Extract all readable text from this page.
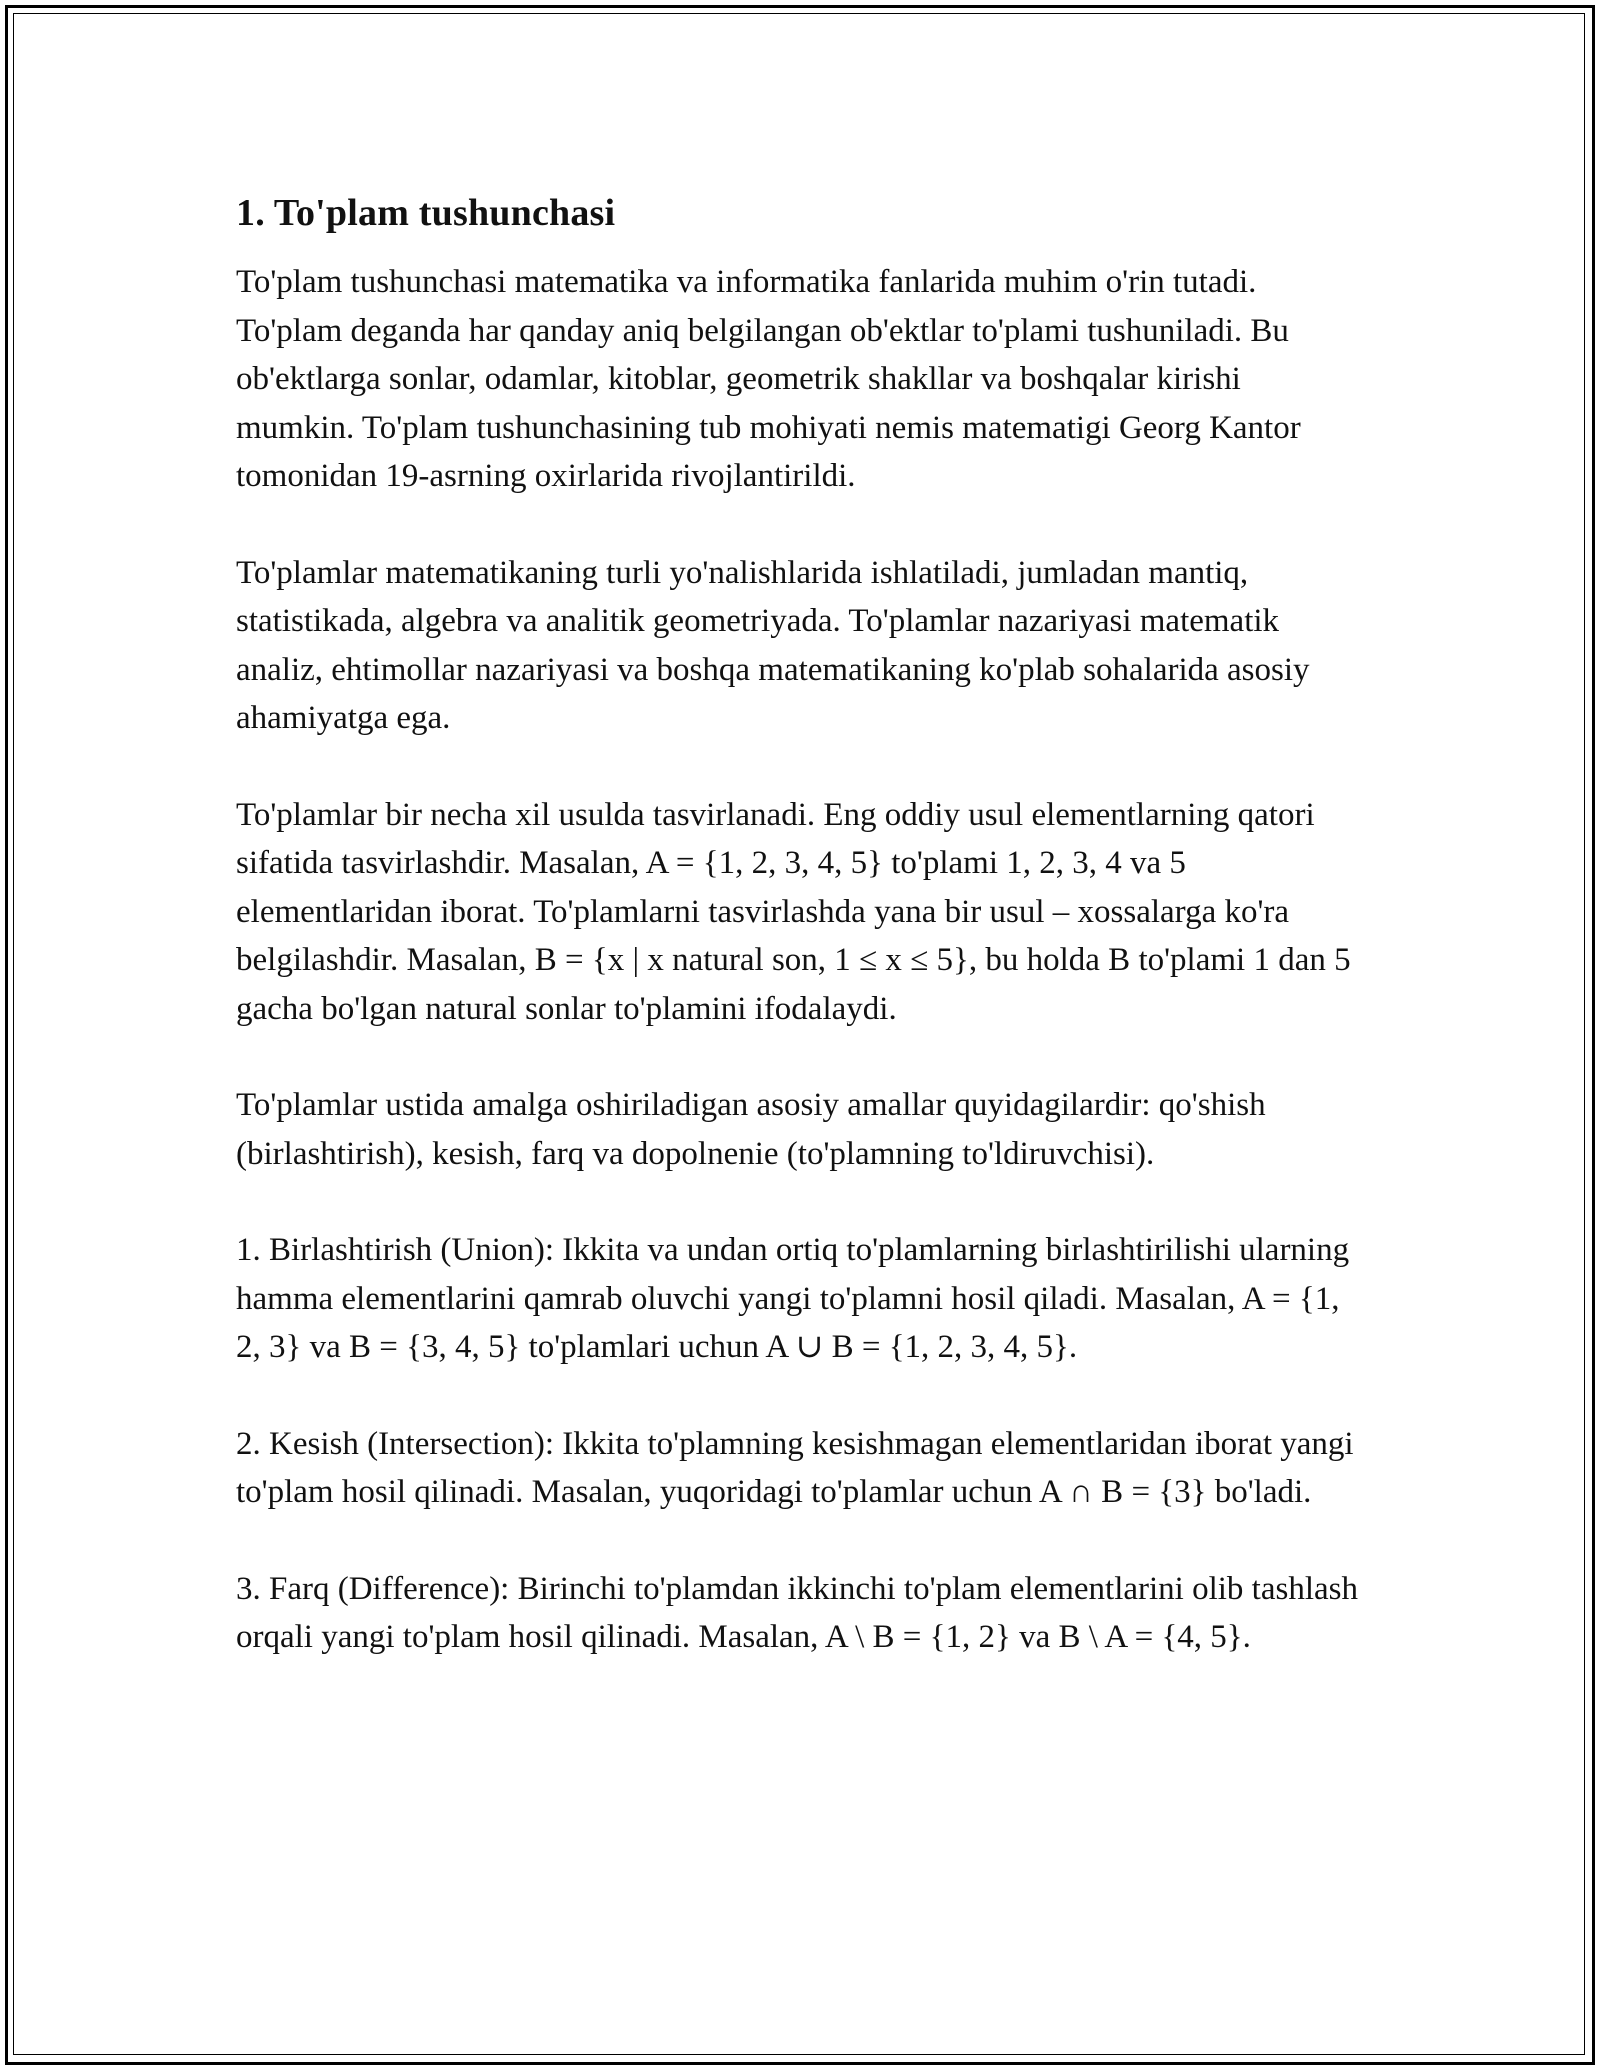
1. To'plam tushunchasi

To'plam tushunchasi matematika va informatika fanlarida muhim o'rin tutadi. To'plam deganda har qanday aniq belgilangan ob'ektlar to'plami tushuniladi. Bu ob'ektlarga sonlar, odamlar, kitoblar, geometrik shakllar va boshqalar kirishi mumkin. To'plam tushunchasining tub mohiyati nemis matematigi Georg Kantor tomonidan 19-asrning oxirlarida rivojlantirildi.

To'plamlar matematikaning turli yo'nalishlarida ishlatiladi, jumladan mantiq, statistikada, algebra va analitik geometriyada. To'plamlar nazariyasi matematik analiz, ehtimollar nazariyasi va boshqa matematikaning ko'plab sohalarida asosiy ahamiyatga ega.

To'plamlar bir necha xil usulda tasvirlanadi. Eng oddiy usul elementlarning qatori sifatida tasvirlashdir. Masalan, A = {1, 2, 3, 4, 5} to'plami 1, 2, 3, 4 va 5 elementlaridan iborat. To'plamlarni tasvirlashda yana bir usul – xossalarga ko'ra belgilashdir. Masalan, B = {x | x natural son, 1 ≤ x ≤ 5}, bu holda B to'plami 1 dan 5 gacha bo'lgan natural sonlar to'plamini ifodalaydi.

To'plamlar ustida amalga oshiriladigan asosiy amallar quyidagilardir: qo'shish (birlashtirish), kesish, farq va dopolnenie (to'plamning to'ldiruvchisi).

1. Birlashtirish (Union): Ikkita va undan ortiq to'plamlarning birlashtirilishi ularning hamma elementlarini qamrab oluvchi yangi to'plamni hosil qiladi. Masalan, A = {1, 2, 3} va B = {3, 4, 5} to'plamlari uchun A ∪ B = {1, 2, 3, 4, 5}.

2. Kesish (Intersection): Ikkita to'plamning kesishmagan elementlaridan iborat yangi to'plam hosil qilinadi. Masalan, yuqoridagi to'plamlar uchun A ∩ B = {3} bo'ladi.

3. Farq (Difference): Birinchi to'plamdan ikkinchi to'plam elementlarini olib tashlash orqali yangi to'plam hosil qilinadi. Masalan, A \ B = {1, 2} va B \ A = {4, 5}.
